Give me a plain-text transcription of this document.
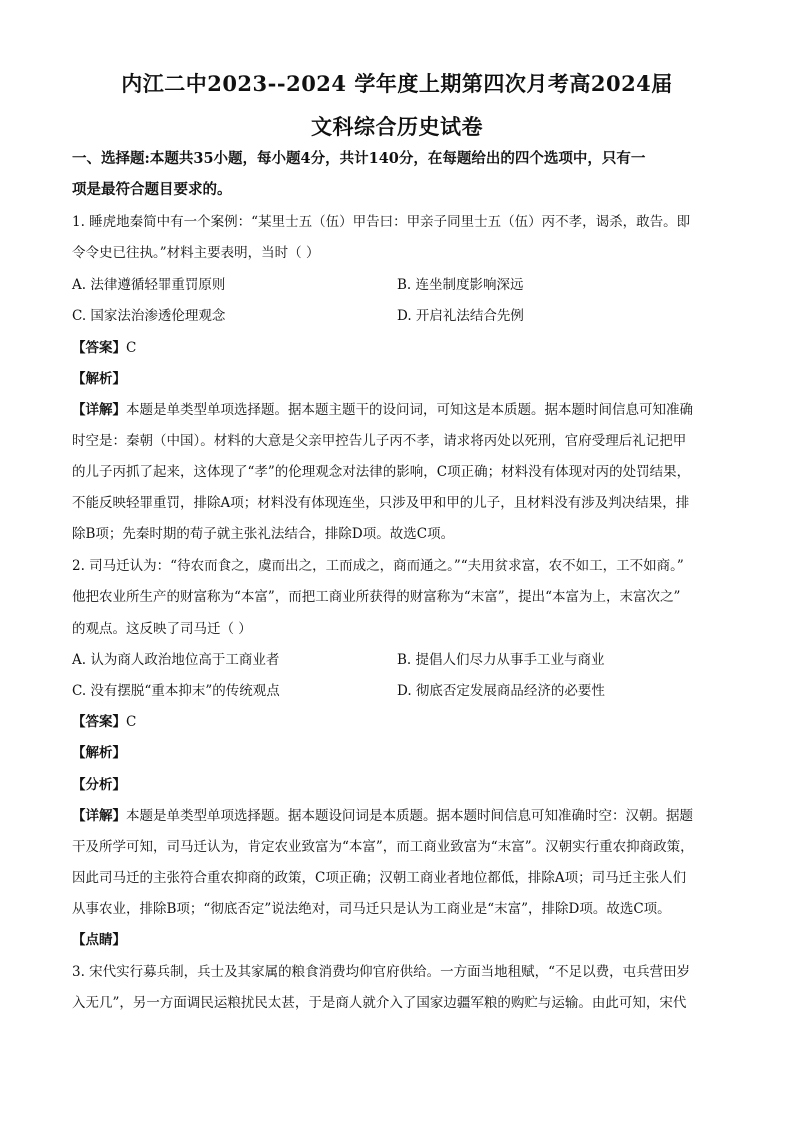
内江二中2023--2024 学年度上期第四次月考高2024届
文科综合历史试卷
一、选择题:本题共35小题，每小题4分，共计140分，在每题给出的四个选项中，只有一
项是最符合题目要求的。
1. 睡虎地秦简中有一个案例：“某里士五（伍）甲告曰：甲亲子同里士五（伍）丙不孝，谒杀，敢告。即
令令史已往执。”材料主要表明，当时（ ）
A. 法律遵循轻罪重罚原则	B. 连坐制度影响深远
C. 国家法治渗透伦理观念	D. 开启礼法结合先例
【答案】C
【解析】
【详解】本题是单类型单项选择题。据本题主题干的设问词，可知这是本质题。据本题时间信息可知准确
时空是：秦朝（中国）。材料的大意是父亲甲控告儿子丙不孝，请求将丙处以死刑，官府受理后礼记把甲
的儿子丙抓了起来，这体现了“孝”的伦理观念对法律的影响，C项正确；材料没有体现对丙的处罚结果，
不能反映轻罪重罚，排除A项；材料没有体现连坐，只涉及甲和甲的儿子，且材料没有涉及判决结果，排
除B项；先秦时期的荀子就主张礼法结合，排除D项。故选C项。
2. 司马迁认为：“待农而食之，虞而出之，工而成之，商而通之。”“夫用贫求富，农不如工，工不如商。”
他把农业所生产的财富称为“本富”，而把工商业所获得的财富称为“末富”，提出“本富为上，末富次之”
的观点。这反映了司马迁（ ）
A. 认为商人政治地位高于工商业者	B. 提倡人们尽力从事手工业与商业
C. 没有摆脱“重本抑末”的传统观点	D. 彻底否定发展商品经济的必要性
【答案】C
【解析】
【分析】
【详解】本题是单类型单项选择题。据本题设问词是本质题。据本题时间信息可知准确时空：汉朝。据题
干及所学可知，司马迁认为，肯定农业致富为“本富”，而工商业致富为“末富”。汉朝实行重农抑商政策，
因此司马迁的主张符合重农抑商的政策，C项正确；汉朝工商业者地位都低，排除A项；司马迁主张人们
从事农业，排除B项；“彻底否定”说法绝对，司马迁只是认为工商业是“末富”，排除D项。故选C项。
【点睛】
3. 宋代实行募兵制，兵士及其家属的粮食消费均仰官府供给。一方面当地租赋，“不足以费，屯兵营田岁
入无几”，另一方面调民运粮扰民太甚，于是商人就介入了国家边疆军粮的购贮与运输。由此可知，宋代
